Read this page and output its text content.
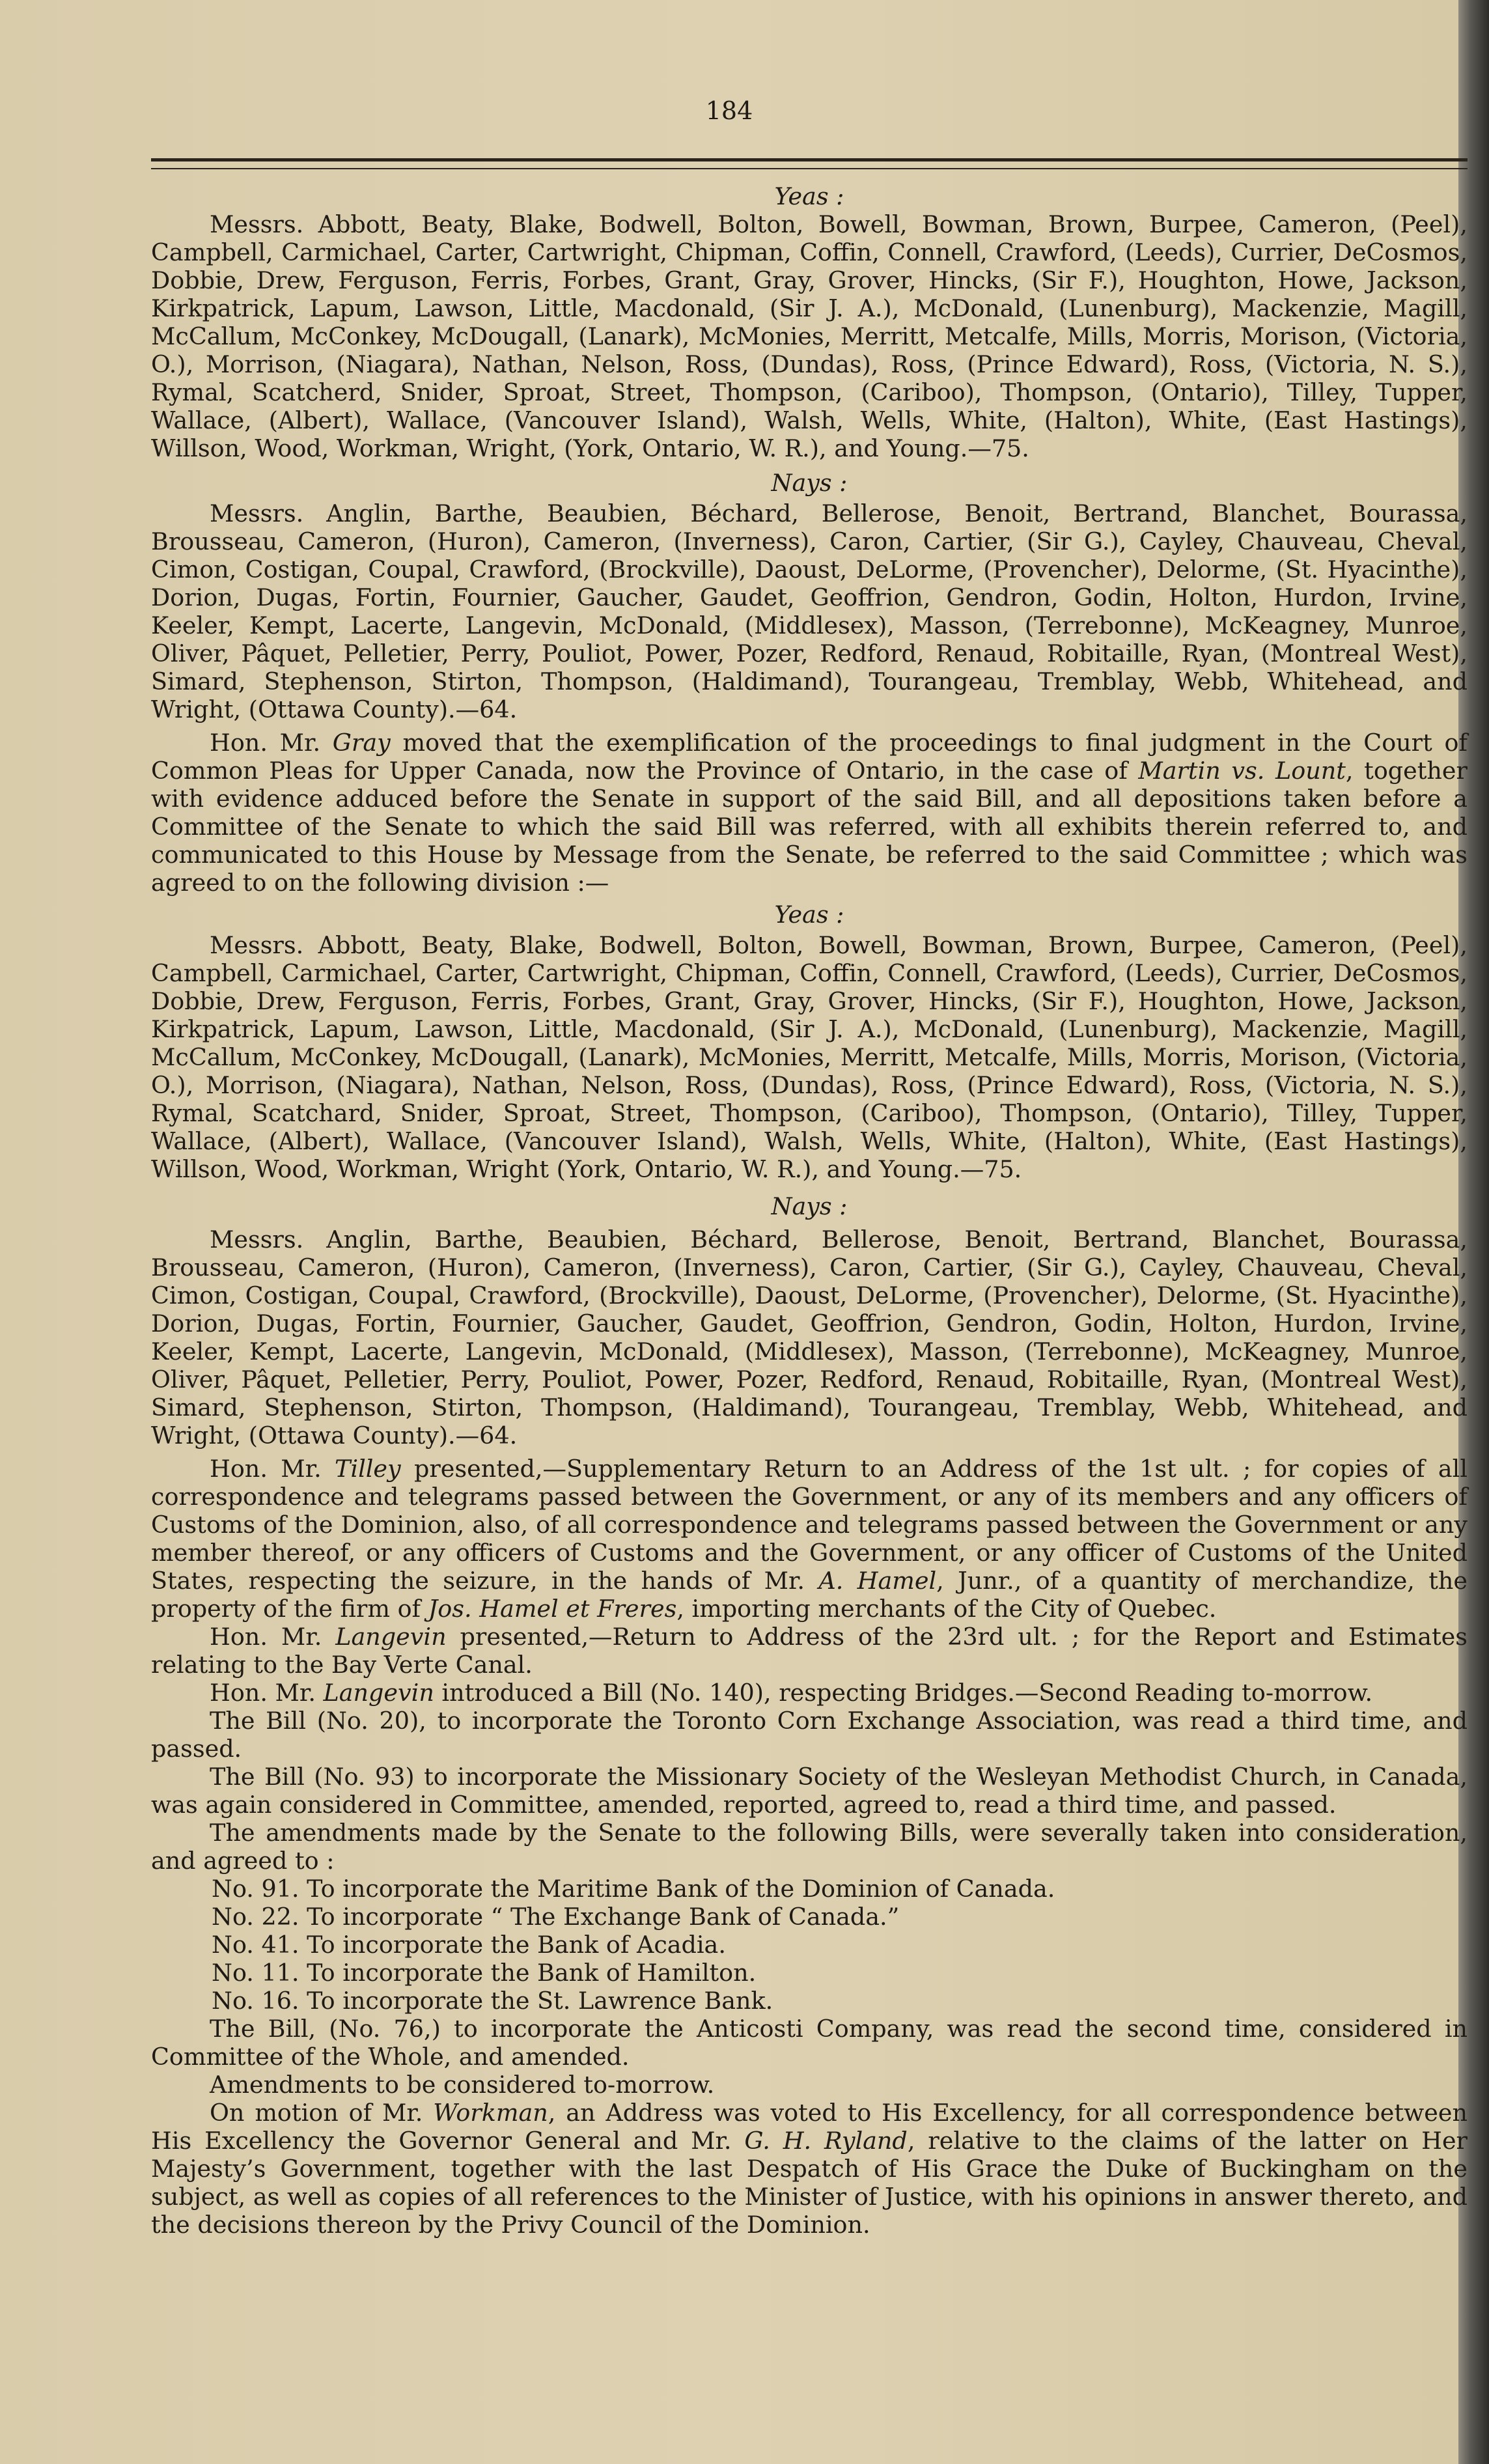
184

Yeas :

Messrs. Abbott, Beaty, Blake, Bodwell, Bolton, Bowell, Bowman, Brown, Burpee, Cameron, (Peel), Campbell, Carmichael, Carter, Cartwright, Chipman, Coffin, Connell, Crawford, (Leeds), Currier, DeCosmos, Dobbie, Drew, Ferguson, Ferris, Forbes, Grant, Gray, Grover, Hincks, (Sir F.), Houghton, Howe, Jackson, Kirkpatrick, Lapum, Lawson, Little, Macdonald, (Sir J. A.), McDonald, (Lunenburg), Mackenzie, Magill, McCallum, McConkey, McDougall, (Lanark), McMonies, Merritt, Metcalfe, Mills, Morris, Morison, (Victoria, O.), Morrison, (Niagara), Nathan, Nelson, Ross, (Dundas), Ross, (Prince Edward), Ross, (Victoria, N. S.), Rymal, Scatcherd, Snider, Sproat, Street, Thompson, (Cariboo), Thompson, (Ontario), Tilley, Tupper, Wallace, (Albert), Wallace, (Vancouver Island), Walsh, Wells, White, (Halton), White, (East Hastings), Willson, Wood, Workman, Wright, (York, Ontario, W. R.), and Young.—75.

Nays :

Messrs. Anglin, Barthe, Beaubien, Béchard, Bellerose, Benoit, Bertrand, Blanchet, Bourassa, Brousseau, Cameron, (Huron), Cameron, (Inverness), Caron, Cartier, (Sir G.), Cayley, Chauveau, Cheval, Cimon, Costigan, Coupal, Crawford, (Brockville), Daoust, DeLorme, (Provencher), Delorme, (St. Hyacinthe), Dorion, Dugas, Fortin, Fournier, Gaucher, Gaudet, Geoffrion, Gendron, Godin, Holton, Hurdon, Irvine, Keeler, Kempt, Lacerte, Langevin, McDonald, (Middlesex), Masson, (Terrebonne), McKeagney, Munroe, Oliver, Pâquet, Pelletier, Perry, Pouliot, Power, Pozer, Redford, Renaud, Robitaille, Ryan, (Montreal West), Simard, Stephenson, Stirton, Thompson, (Haldimand), Tourangeau, Tremblay, Webb, Whitehead, and Wright, (Ottawa County).—64.

Hon. Mr. Gray moved that the exemplification of the proceedings to final judgment in the Court of Common Pleas for Upper Canada, now the Province of Ontario, in the case of Martin vs. Lount, together with evidence adduced before the Senate in support of the said Bill, and all depositions taken before a Committee of the Senate to which the said Bill was referred, with all exhibits therein referred to, and communicated to this House by Message from the Senate, be referred to the said Committee ; which was agreed to on the following division :—

Yeas :

Messrs. Abbott, Beaty, Blake, Bodwell, Bolton, Bowell, Bowman, Brown, Burpee, Cameron, (Peel), Campbell, Carmichael, Carter, Cartwright, Chipman, Coffin, Connell, Crawford, (Leeds), Currier, DeCosmos, Dobbie, Drew, Ferguson, Ferris, Forbes, Grant, Gray, Grover, Hincks, (Sir F.), Houghton, Howe, Jackson, Kirkpatrick, Lapum, Lawson, Little, Macdonald, (Sir J. A.), McDonald, (Lunenburg), Mackenzie, Magill, McCallum, McConkey, McDougall, (Lanark), McMonies, Merritt, Metcalfe, Mills, Morris, Morison, (Victoria, O.), Morrison, (Niagara), Nathan, Nelson, Ross, (Dundas), Ross, (Prince Edward), Ross, (Victoria, N. S.), Rymal, Scatchard, Snider, Sproat, Street, Thompson, (Cariboo), Thompson, (Ontario), Tilley, Tupper, Wallace, (Albert), Wallace, (Vancouver Island), Walsh, Wells, White, (Halton), White, (East Hastings), Willson, Wood, Workman, Wright (York, Ontario, W. R.), and Young.—75.

Nays :

Messrs. Anglin, Barthe, Beaubien, Béchard, Bellerose, Benoit, Bertrand, Blanchet, Bourassa, Brousseau, Cameron, (Huron), Cameron, (Inverness), Caron, Cartier, (Sir G.), Cayley, Chauveau, Cheval, Cimon, Costigan, Coupal, Crawford, (Brockville), Daoust, DeLorme, (Provencher), Delorme, (St. Hyacinthe), Dorion, Dugas, Fortin, Fournier, Gaucher, Gaudet, Geoffrion, Gendron, Godin, Holton, Hurdon, Irvine, Keeler, Kempt, Lacerte, Langevin, McDonald, (Middlesex), Masson, (Terrebonne), McKeagney, Munroe, Oliver, Pâquet, Pelletier, Perry, Pouliot, Power, Pozer, Redford, Renaud, Robitaille, Ryan, (Montreal West), Simard, Stephenson, Stirton, Thompson, (Haldimand), Tourangeau, Tremblay, Webb, Whitehead, and Wright, (Ottawa County).—64.

Hon. Mr. Tilley presented,—Supplementary Return to an Address of the 1st ult. ; for copies of all correspondence and telegrams passed between the Government, or any of its members and any officers of Customs of the Dominion, also, of all correspondence and telegrams passed between the Government or any member thereof, or any officers of Customs and the Government, or any officer of Customs of the United States, respecting the seizure, in the hands of Mr. A. Hamel, Junr., of a quantity of merchandize, the property of the firm of Jos. Hamel et Freres, importing merchants of the City of Quebec.

Hon. Mr. Langevin presented,—Return to Address of the 23rd ult. ; for the Report and Estimates relating to the Bay Verte Canal.

Hon. Mr. Langevin introduced a Bill (No. 140), respecting Bridges.—Second Reading to-morrow.

The Bill (No. 20), to incorporate the Toronto Corn Exchange Association, was read a third time, and passed.

The Bill (No. 93) to incorporate the Missionary Society of the Wesleyan Methodist Church, in Canada, was again considered in Committee, amended, reported, agreed to, read a third time, and passed.

The amendments made by the Senate to the following Bills, were severally taken into consideration, and agreed to :

No. 91. To incorporate the Maritime Bank of the Dominion of Canada.

No. 22. To incorporate “ The Exchange Bank of Canada.”

No. 41. To incorporate the Bank of Acadia.

No. 11. To incorporate the Bank of Hamilton.

No. 16. To incorporate the St. Lawrence Bank.

The Bill, (No. 76,) to incorporate the Anticosti Company, was read the second time, considered in Committee of the Whole, and amended.

Amendments to be considered to-morrow.

On motion of Mr. Workman, an Address was voted to His Excellency, for all correspondence between His Excellency the Governor General and Mr. G. H. Ryland, relative to the claims of the latter on Her Majesty’s Government, together with the last Despatch of His Grace the Duke of Buckingham on the subject, as well as copies of all references to the Minister of Justice, with his opinions in answer thereto, and the decisions thereon by the Privy Council of the Dominion.
